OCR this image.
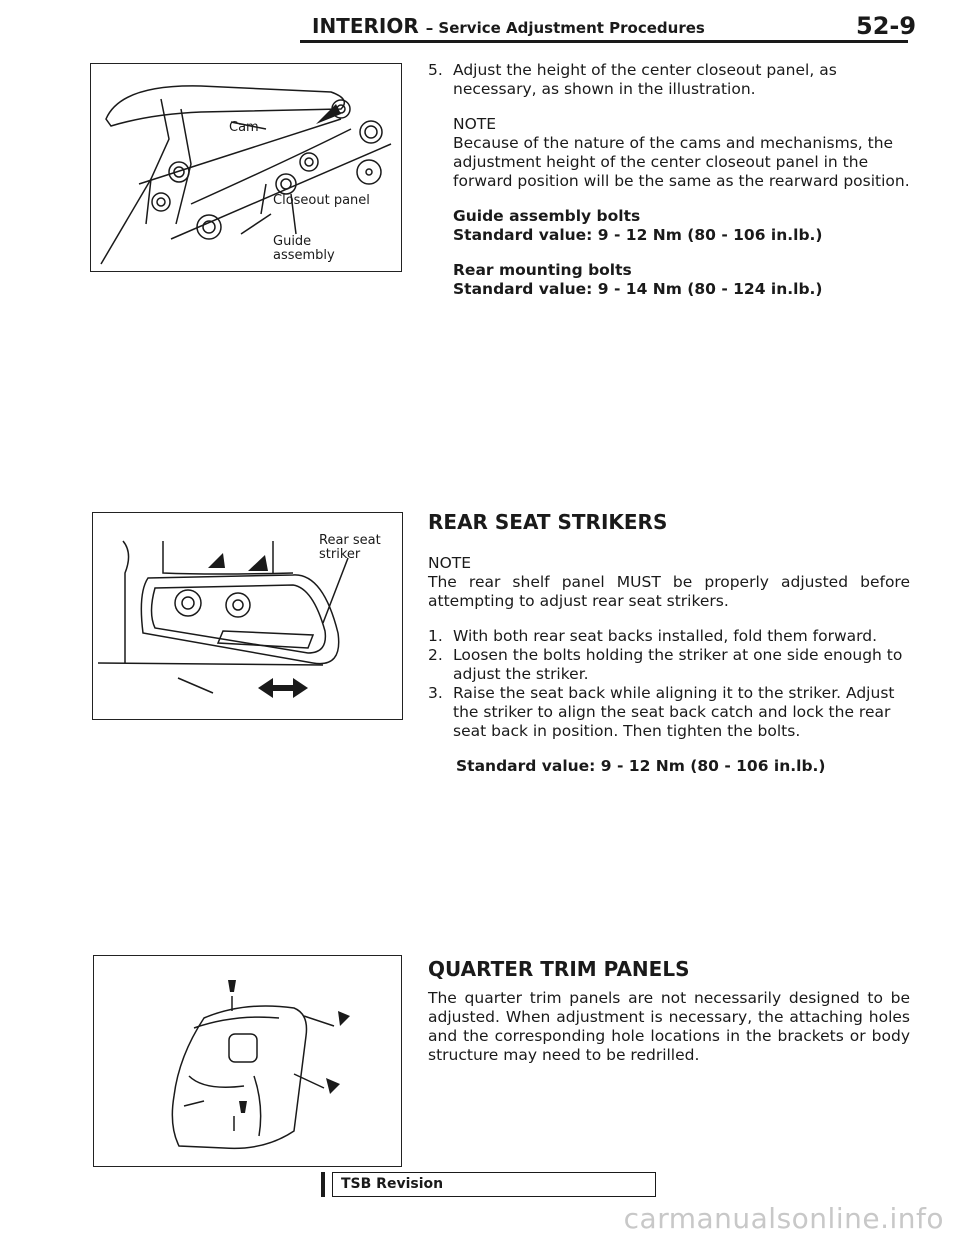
INTERIOR – Service Adjustment Procedures	52-9
Cam
Closeout panel
Guide
assembly
Rear seat
striker

5. Adjust the height of the center closeout panel, as necessary, as shown in the illustration.

NOTE

Because of the nature of the cams and mechanisms, the adjustment height of the center closeout panel in the forward position will be the same as the rearward position.

Guide assembly bolts

Standard value: 9 - 12 Nm (80 - 106 in.lb.)

Rear mounting bolts

Standard value: 9 - 14 Nm (80 - 124 in.lb.)

REAR SEAT STRIKERS

NOTE

The rear shelf panel MUST be properly adjusted before attempting to adjust rear seat strikers.

1. With both rear seat backs installed, fold them forward.

2. Loosen the bolts holding the striker at one side enough to adjust the striker.

3. Raise the seat back while aligning it to the striker. Adjust the striker to align the seat back catch and lock the rear seat back in position. Then tighten the bolts.

Standard value: 9 - 12 Nm (80 - 106 in.lb.)

QUARTER TRIM PANELS

The quarter trim panels are not necessarily designed to be adjusted. When adjustment is necessary, the attaching holes and the corresponding hole locations in the brackets or body structure may need to be redrilled.

TSB Revision
carmanualsonline.info
